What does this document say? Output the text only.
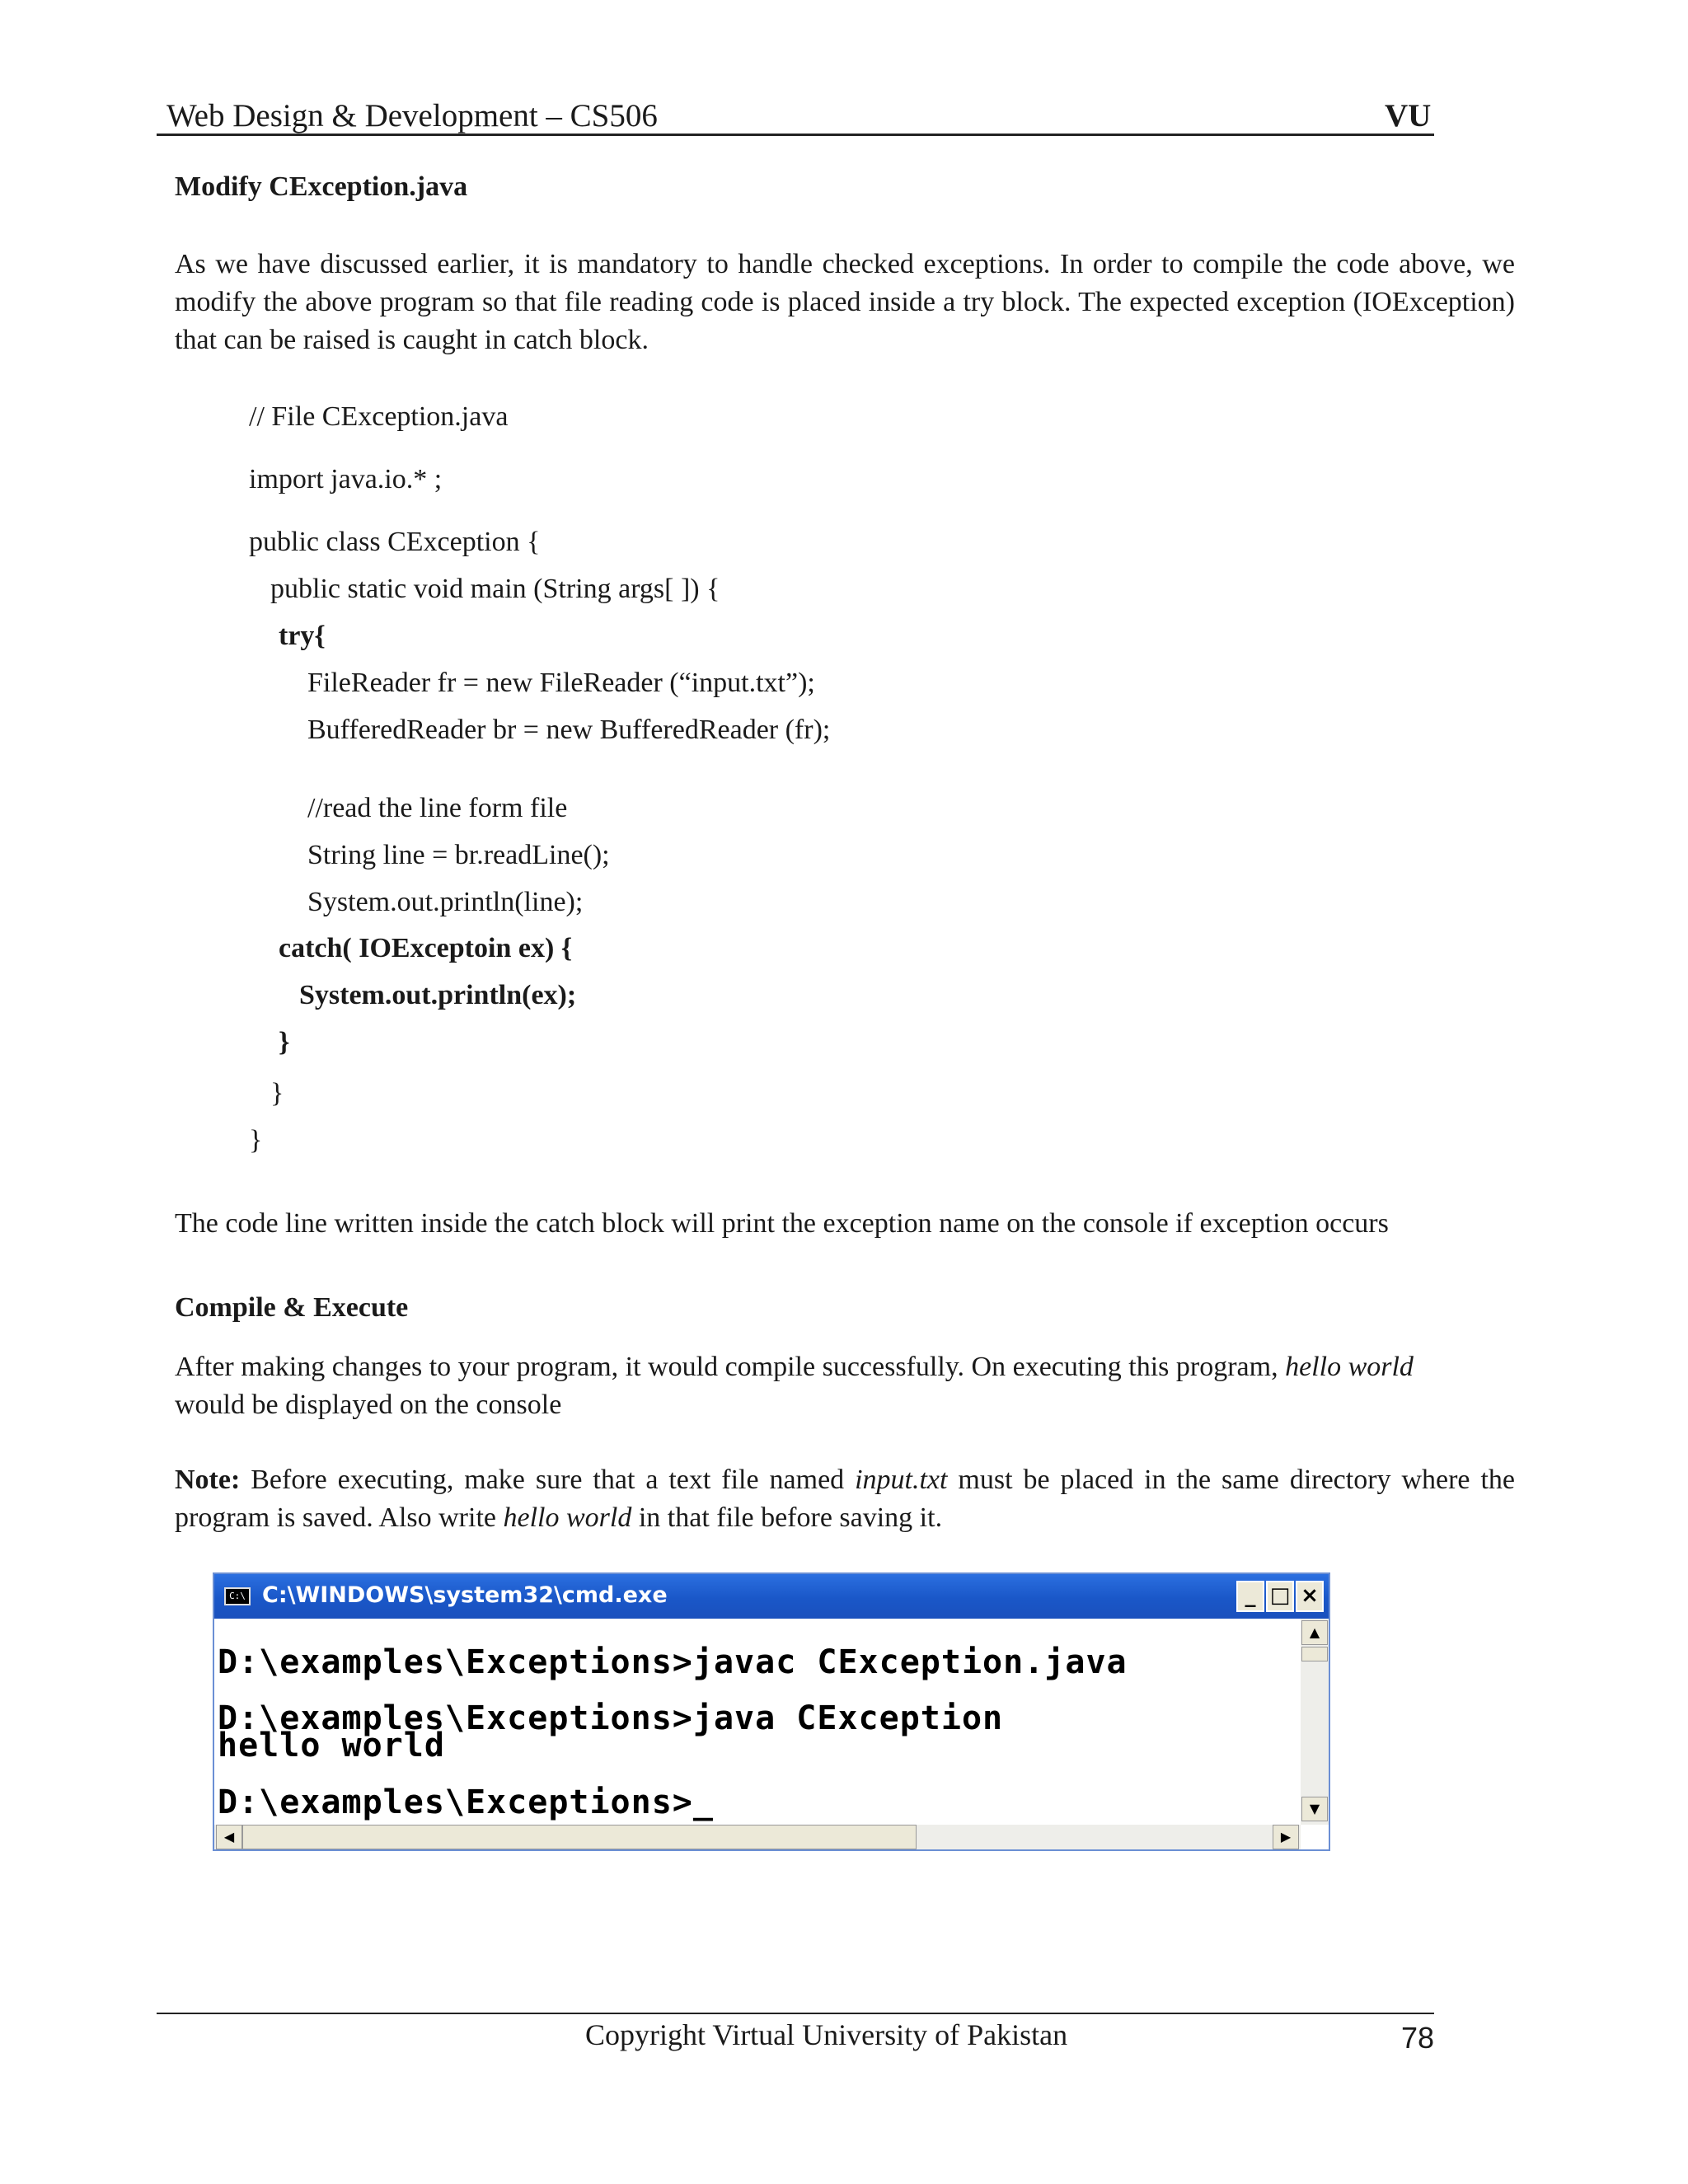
Web Design & Development – CS506	VU
Modify CException.java
As we have discussed earlier, it is mandatory to handle checked exceptions. In order to compile the code above, we modify the above program so that file reading code is placed inside a try block. The expected exception (IOException) that can be raised is caught in catch block.
// File CException.java
import java.io.* ;
public class CException {
public static void main (String args[ ]) {
try{
FileReader fr = new FileReader (“input.txt”);
BufferedReader br = new BufferedReader (fr);
//read the line form file
String line = br.readLine();
System.out.println(line);
catch( IOExceptoin ex) {
System.out.println(ex);
}
}
}
The code line written inside the catch block will print the exception name on the console if exception occurs
Compile & Execute
After making changes to your program, it would compile successfully. On executing this program, hello world
would be displayed on the console
Note: Before executing, make sure that a text file named input.txt must be placed in the same directory where the program is saved. Also write hello world in that file before saving it.
C:\ C:\WINDOWS\system32\cmd.exe	_ □ ×
D:\examples\Exceptions>javac CException.java
D:\examples\Exceptions>java CException
hello world
D:\examples\Exceptions>_
▲
▼
◀	▶
Copyright Virtual University of Pakistan	78
